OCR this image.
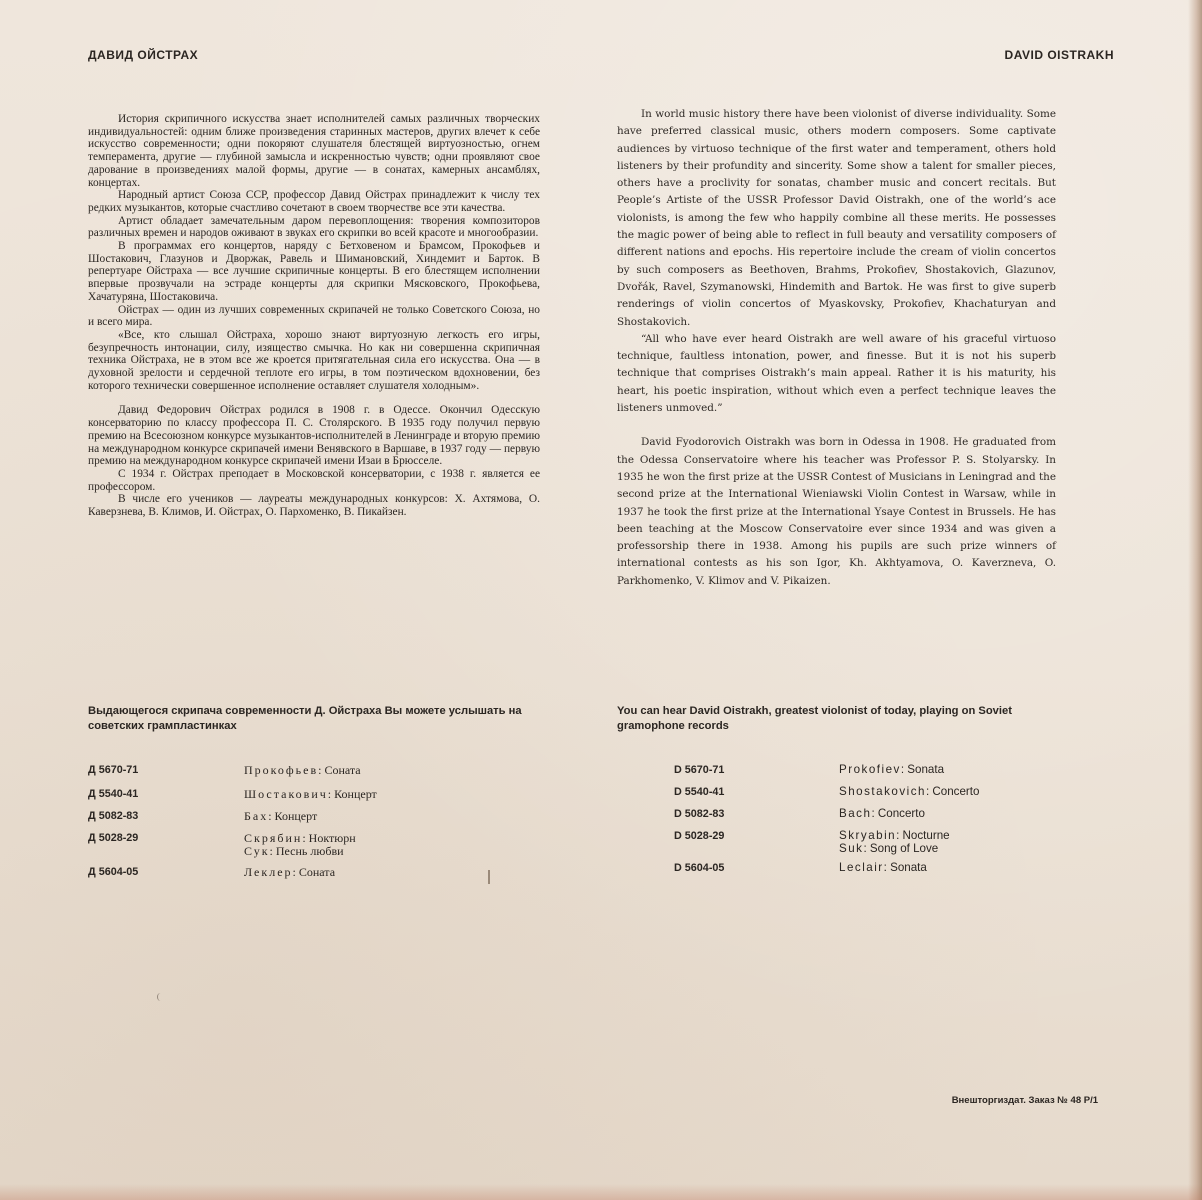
ДАВИД ОЙСТРАХ	DAVID OISTRAKH

История скрипичного искусства знает исполнителей самых различных творческих индивидуальностей: одним ближе произведения старинных мастеров, других влечет к себе искусство современности; одни покоряют слушателя блестящей виртуозностью, огнем темперамента, другие — глубиной замысла и искренностью чувств; одни проявляют свое дарование в произведениях малой формы, другие — в сонатах, камерных ансамблях, концертах.

Народный артист Союза ССР, профессор Давид Ойстрах принадлежит к числу тех редких музыкантов, которые счастливо сочетают в своем творчестве все эти качества.

Артист обладает замечательным даром перевоплощения: творения композиторов различных времен и народов оживают в звуках его скрипки во всей красоте и многообразии.

В программах его концертов, наряду с Бетховеном и Брамсом, Прокофьев и Шостакович, Глазунов и Дворжак, Равель и Шимановский, Хиндемит и Барток. В репертуаре Ойстраха — все лучшие скрипичные концерты. В его блестящем исполнении впервые прозвучали на эстраде концерты для скрипки Мясковского, Прокофьева, Хачатуряна, Шостаковича.

Ойстрах — один из лучших современных скрипачей не только Советского Союза, но и всего мира.

«Все, кто слышал Ойстраха, хорошо знают виртуозную легкость его игры, безупречность интонации, силу, изящество смычка. Но как ни совершенна скрипичная техника Ойстраха, не в этом все же кроется притягательная сила его искусства. Она — в духовной зрелости и сердечной теплоте его игры, в том поэтическом вдохновении, без которого технически совершенное исполнение оставляет слушателя холодным».

Давид Федорович Ойстрах родился в 1908 г. в Одессе. Окончил Одесскую консерваторию по классу профессора П. С. Столярского. В 1935 году получил первую премию на Всесоюзном конкурсе музыкантов-исполнителей в Ленинграде и вторую премию на международном конкурсе скрипачей имени Венявского в Варшаве, в 1937 году — первую премию на международном конкурсе скрипачей имени Изаи в Брюсселе.

С 1934 г. Ойстрах преподает в Московской консерватории, с 1938 г. является ее профессором.

В числе его учеников — лауреаты международных конкурсов: Х. Ахтямова, О. Каверзнева, В. Климов, И. Ойстрах, О. Пархоменко, В. Пикайзен.

In world music history there have been violonist of diverse individuality. Some have preferred classical music, others modern composers. Some captivate audiences by virtuoso technique of the first water and temperament, others hold listeners by their profundity and sincerity. Some show a talent for smaller pieces, others have a proclivity for sonatas, chamber music and concert recitals. But People’s Artiste of the USSR Professor David Oistrakh, one of the world’s ace violonists, is among the few who happily combine all these merits. He possesses the magic power of being able to reflect in full beauty and versatility composers of different nations and epochs. His repertoire include the cream of violin concertos by such composers as Beethoven, Brahms, Prokofiev, Shostakovich, Glazunov, Dvořák, Ravel, Szymanowski, Hindemith and Bartok. He was first to give superb renderings of violin concertos of Myaskovsky, Prokofiev, Khachaturyan and Shostakovich.

“All who have ever heard Oistrakh are well aware of his graceful virtuoso technique, faultless intonation, power, and finesse. But it is not his superb technique that comprises Oistrakh’s main appeal. Rather it is his maturity, his heart, his poetic inspiration, without which even a perfect technique leaves the listeners unmoved.”

David Fyodorovich Oistrakh was born in Odessa in 1908. He graduated from the Odessa Conservatoire where his teacher was Professor P. S. Stolyarsky. In 1935 he won the first prize at the USSR Contest of Musicians in Leningrad and the second prize at the International Wieniawski Violin Contest in Warsaw, while in 1937 he took the first prize at the International Ysaye Contest in Brussels. He has been teaching at the Moscow Conservatoire ever since 1934 and was given a professorship there in 1938. Among his pupils are such prize winners of international contests as his son Igor, Kh. Akhtyamova, O. Kaverzneva, O. Parkhomenko, V. Klimov and V. Pikaizen.

Выдающегося скрипача современности Д. Ойстраха Вы можете услышать на советских грампластинках
You can hear David Oistrakh, greatest violonist of today, playing on Soviet gramophone records
Д 5670-71	Прокофьев: Соната
Д 5540-41	Шостакович: Концерт
Д 5082-83	Бах: Концерт
Д 5028-29	Скрябин: Ноктюрн
Сук: Песнь любви
Д 5604-05	Леклер: Соната
D 5670-71	Prokofiev: Sonata
D 5540-41	Shostakovich: Concerto
D 5082-83	Bach: Concerto
D 5028-29	Skryabin: Nocturne
Suk: Song of Love
D 5604-05	Leclair: Sonata
Внешторгиздат. Заказ № 48 Р/1
